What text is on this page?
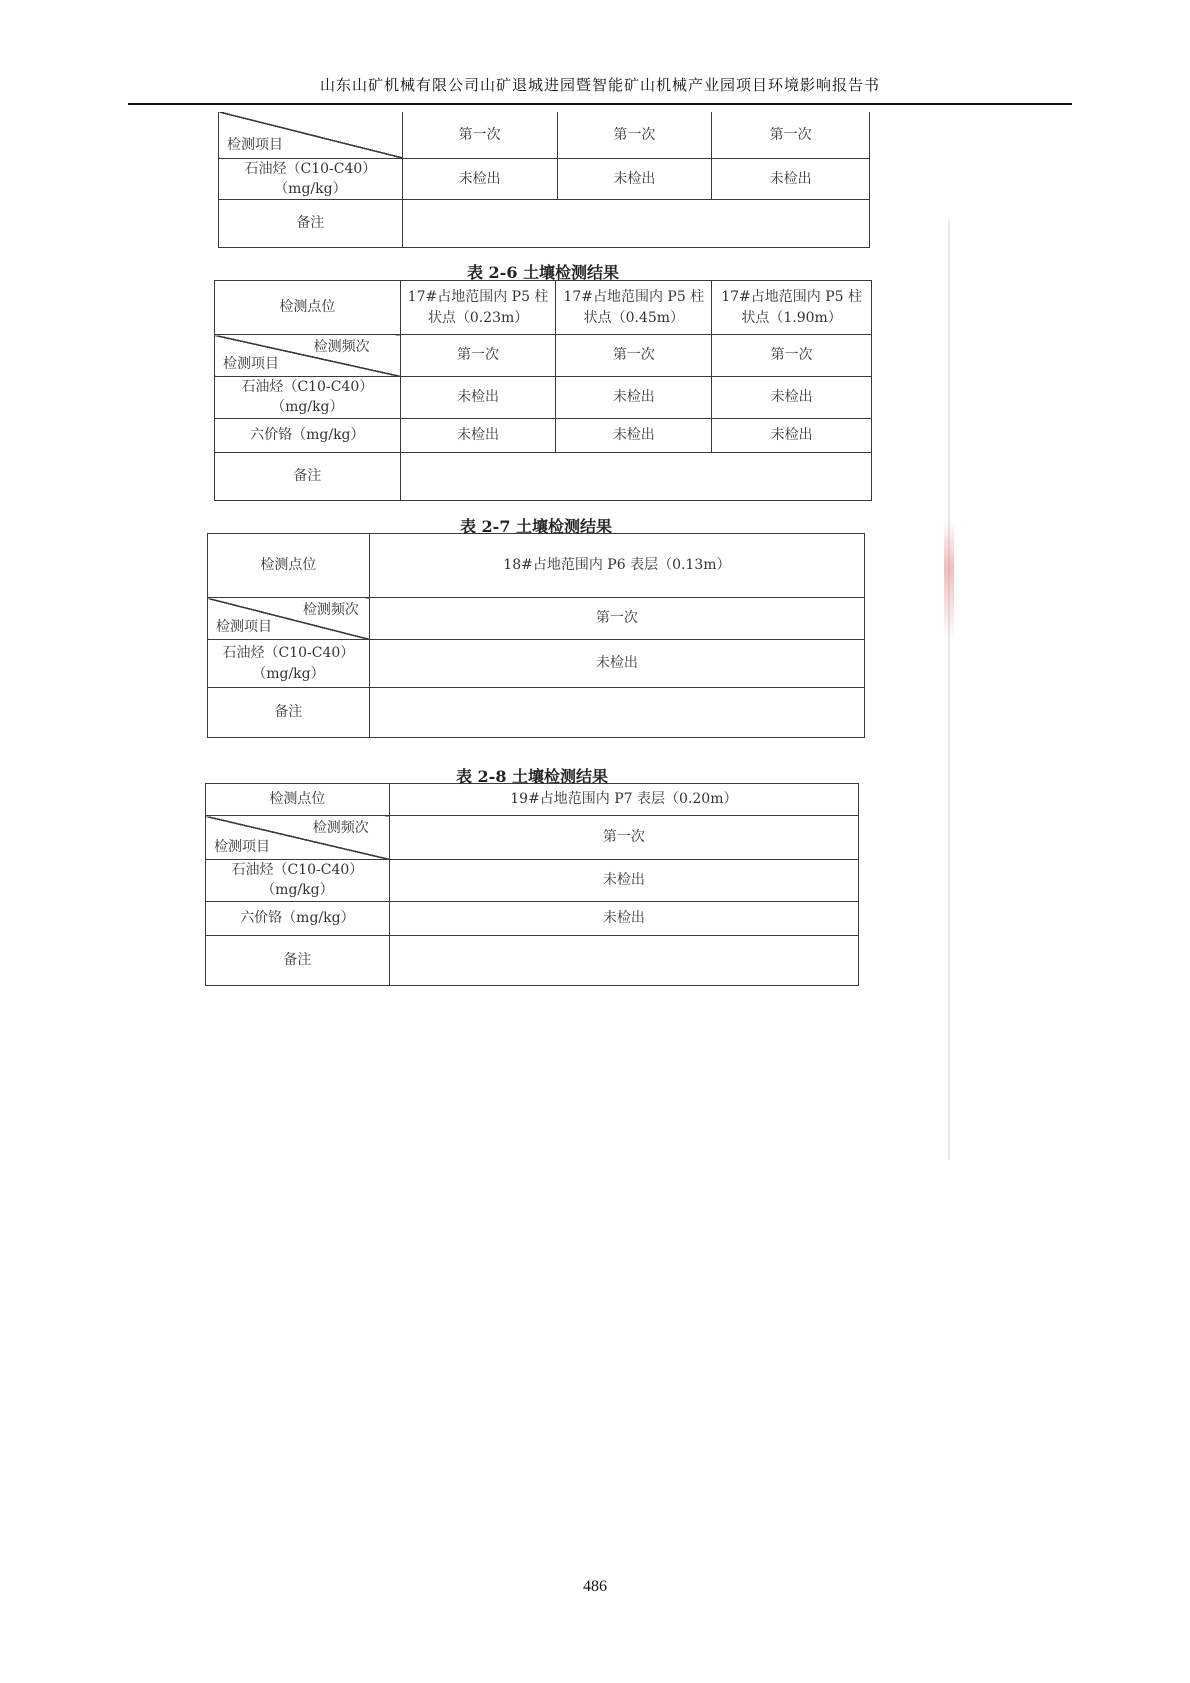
山东山矿机械有限公司山矿退城进园暨智能矿山机械产业园项目环境影响报告书
检测项目	第一次	第一次	第一次
石油烃（C10-C40）（mg/kg）	未检出	未检出	未检出
备注			
表 2-6 土壤检测结果
检测点位	17#占地范围内 P5 柱状点（0.23m）	17#占地范围内 P5 柱状点（0.45m）	17#占地范围内 P5 柱状点（1.90m）

检测频次
检测项目	第一次	第一次	第一次
石油烃（C10-C40）（mg/kg）	未检出	未检出	未检出
六价铬（mg/kg）	未检出	未检出	未检出
备注			
表 2-7 土壤检测结果
检测点位	18#占地范围内 P6 表层（0.13m）

检测频次
检测项目	第一次

石油烃（C10-C40）
（mg/kg）	未检出
备注	
表 2-8 土壤检测结果
检测点位	19#占地范围内 P7 表层（0.20m）

检测频次
检测项目	第一次
石油烃（C10-C40）（mg/kg）	未检出
六价铬（mg/kg）	未检出
备注	
486
